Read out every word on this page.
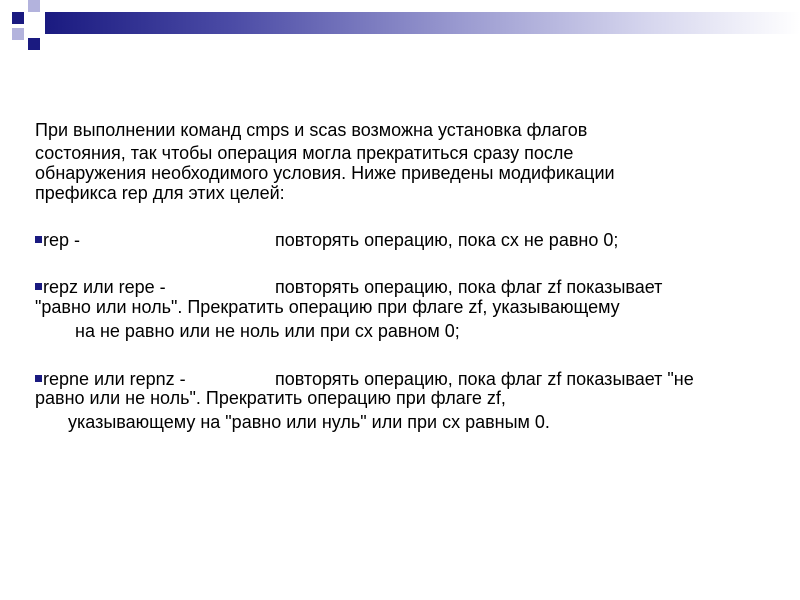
При выполнении команд cmps и scas возможна установка флагов
состояния, так чтобы операция могла прекратиться сразу после
обнаружения необходимого условия. Ниже приведены модификации
префикса rep для этих целей:
rep -	повторять операцию, пока cx не равно 0;
repz или repe -	повторять операцию, пока флаг zf показывает
"равно или ноль". Прекратить операцию при флаге zf, указывающему
на не равно или не ноль или при cx равном 0;
repne или repnz -	повторять операцию, пока флаг zf показывает "не
равно или не ноль". Прекратить операцию при флаге zf,
указывающему на "равно или нуль" или при cx равным 0.
